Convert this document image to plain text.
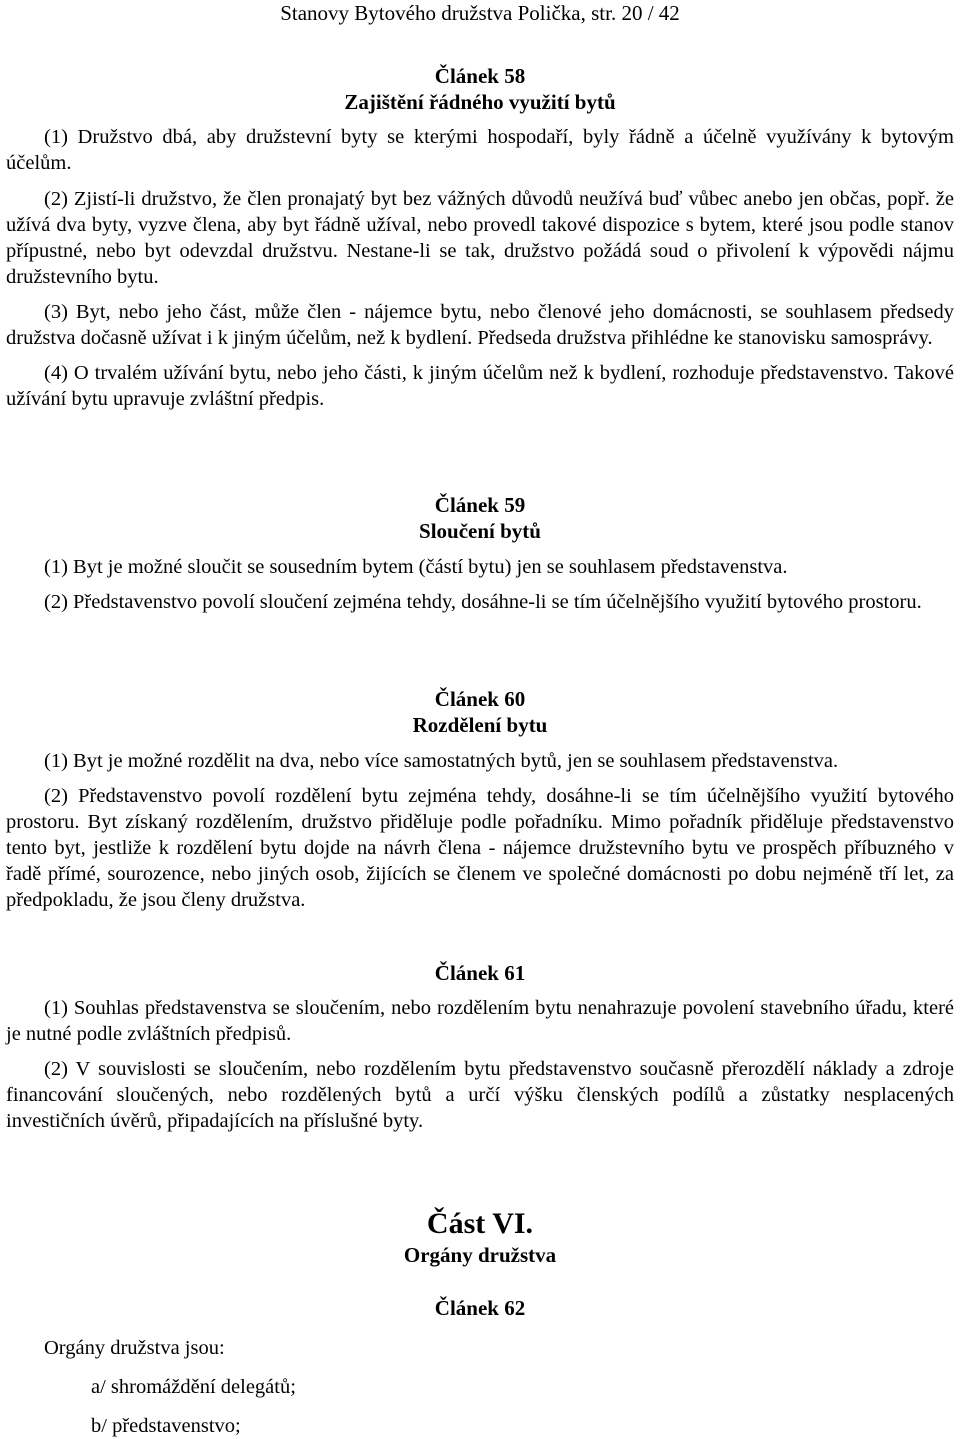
Stanovy Bytového družstva Polička, str. 20 / 42
Článek 58
Zajištění řádného využití bytů

(1) Družstvo dbá, aby družstevní byty se kterými hospodaří, byly řádně a účelně využívány k bytovým účelům.

(2) Zjistí-li družstvo, že člen pronajatý byt bez vážných důvodů neužívá buď vůbec anebo jen občas, popř. že užívá dva byty, vyzve člena, aby byt řádně užíval, nebo provedl takové dispozice s bytem, které jsou podle stanov přípustné, nebo byt odevzdal družstvu. Nestane-li se tak, družstvo požádá soud o přivolení k výpovědi nájmu družstevního bytu.

(3) Byt, nebo jeho část, může člen - nájemce bytu, nebo členové jeho domácnosti, se souhlasem předsedy družstva dočasně užívat i k jiným účelům, než k bydlení. Předseda družstva přihlédne ke stanovisku samosprávy.

(4) O trvalém užívání bytu, nebo jeho části, k jiným účelům než k bydlení, rozhoduje představenstvo. Takové užívání bytu upravuje zvláštní předpis.

Článek 59
Sloučení bytů

(1) Byt je možné sloučit se sousedním bytem (částí bytu) jen se souhlasem představenstva.

(2) Představenstvo povolí sloučení zejména tehdy, dosáhne-li se tím účelnějšího využití bytového prostoru.

Článek 60
Rozdělení bytu

(1) Byt je možné rozdělit na dva, nebo více samostatných bytů, jen se souhlasem představenstva.

(2) Představenstvo povolí rozdělení bytu zejména tehdy, dosáhne-li se tím účelnějšího využití bytového prostoru. Byt získaný rozdělením, družstvo přiděluje podle pořadníku. Mimo pořadník přiděluje představenstvo tento byt, jestliže k rozdělení bytu dojde na návrh člena - nájemce družstevního bytu ve prospěch příbuzného v řadě přímé, sourozence, nebo jiných osob, žijících se členem ve společné domácnosti po dobu nejméně tří let, za předpokladu, že jsou členy družstva.

Článek 61

(1) Souhlas představenstva se sloučením, nebo rozdělením bytu nenahrazuje povolení stavebního úřadu, které je nutné podle zvláštních předpisů.

(2) V souvislosti se sloučením, nebo rozdělením bytu představenstvo současně přerozdělí náklady a zdroje financování sloučených, nebo rozdělených bytů a určí výšku členských podílů a zůstatky nesplacených investičních úvěrů, připadajících na příslušné byty.

Část VI.
Orgány družstva
Článek 62
Orgány družstva jsou:
a/ shromáždění delegátů;
b/ představenstvo;
